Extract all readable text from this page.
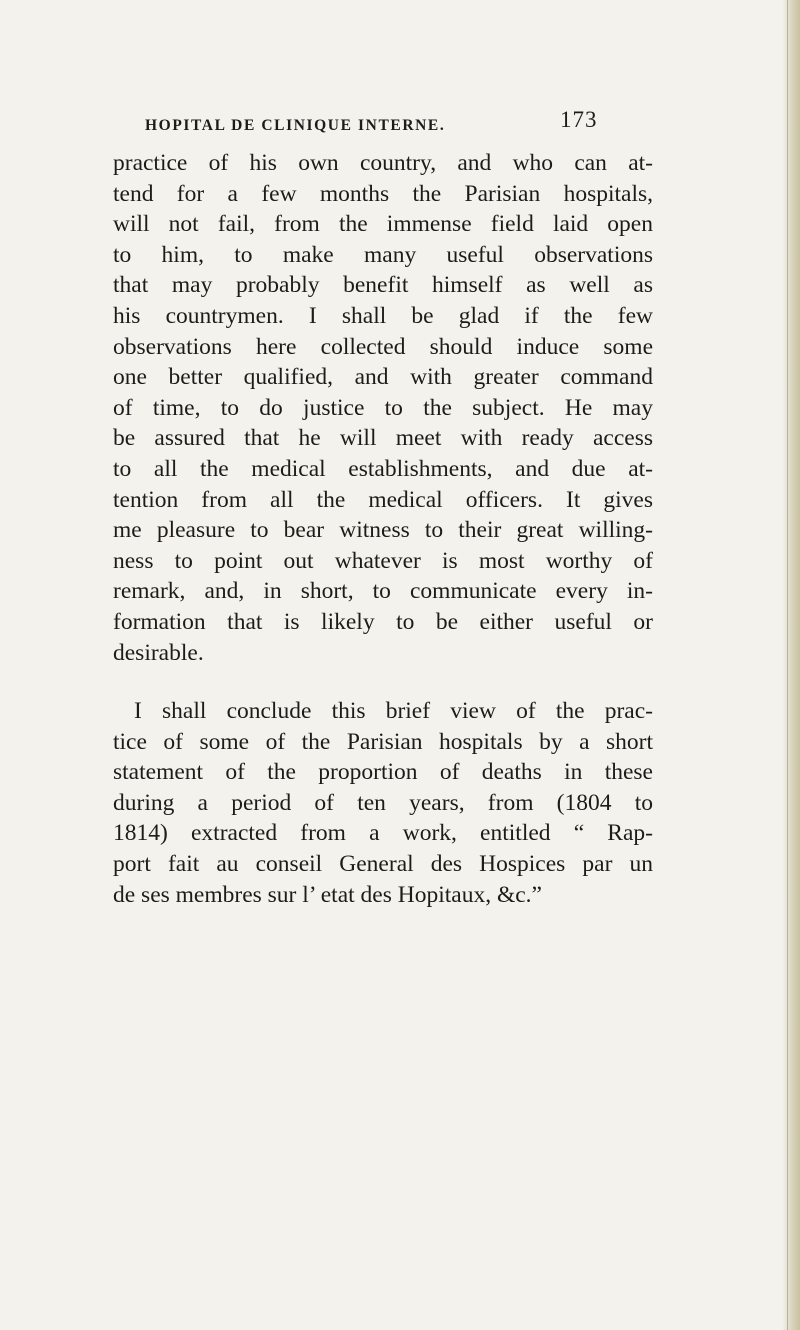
HOPITAL DE CLINIQUE INTERNE.	173
practice of his own country, and who can at-
tend for a few months the Parisian hospitals,
will not fail, from the immense field laid open
to him, to make many useful observations
that may probably benefit himself as well as
his countrymen. I shall be glad if the few
observations here collected should induce some
one better qualified, and with greater command
of time, to do justice to the subject. He may
be assured that he will meet with ready access
to all the medical establishments, and due at-
tention from all the medical officers. It gives
me pleasure to bear witness to their great willing-
ness to point out whatever is most worthy of
remark, and, in short, to communicate every in-
formation that is likely to be either useful or
desirable.
I shall conclude this brief view of the prac-
tice of some of the Parisian hospitals by a short
statement of the proportion of deaths in these
during a period of ten years, from (1804 to
1814) extracted from a work, entitled “ Rap-
port fait au conseil General des Hospices par un
de ses membres sur l’ etat des Hopitaux, &c.”
